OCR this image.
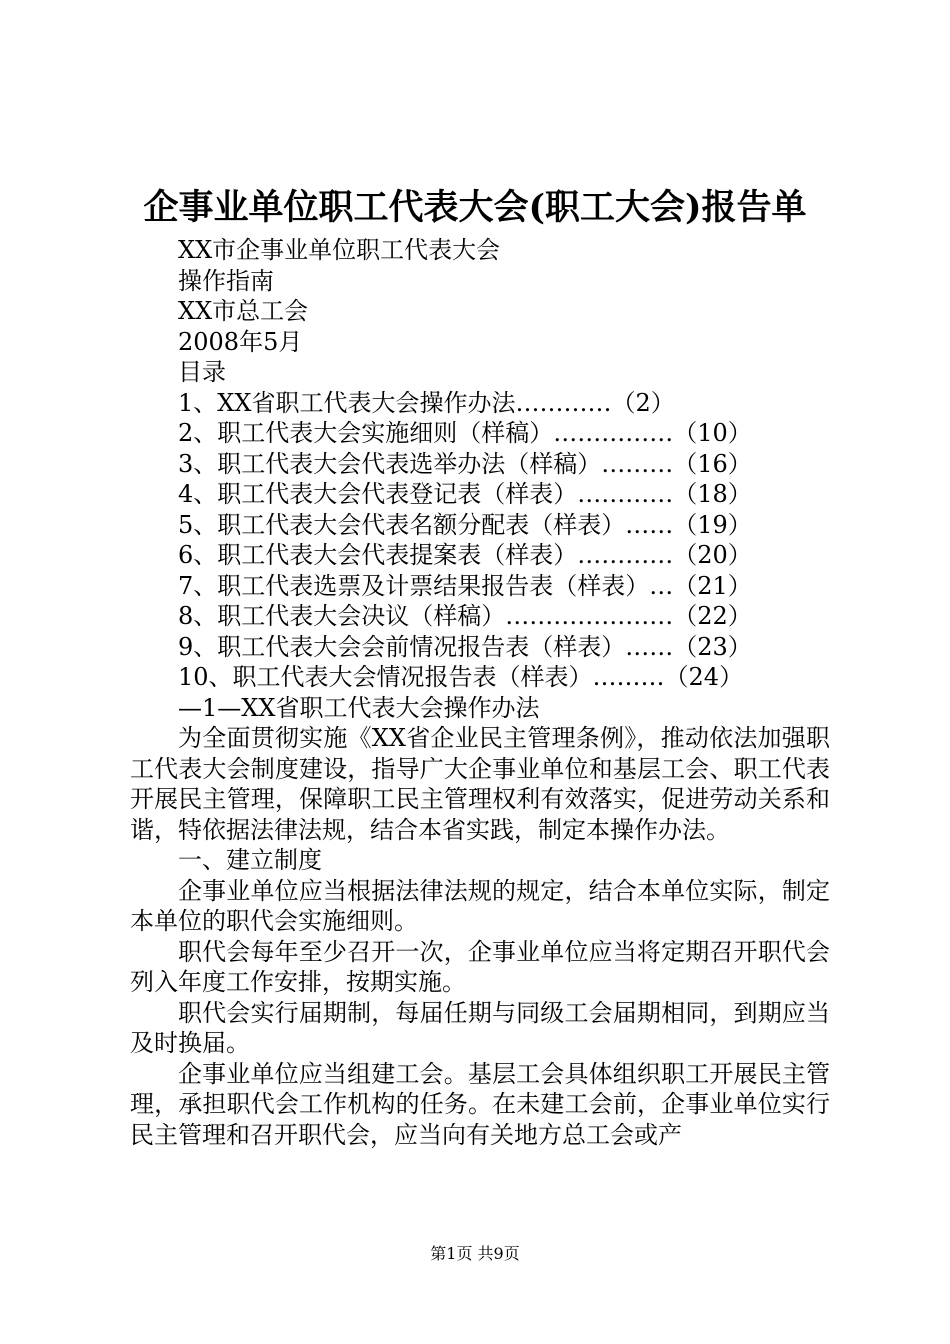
企事业单位职工代表大会(职工大会)报告单
XX市企事业单位职工代表大会
操作指南
XX市总工会
2008年5月
目录
1、XX省职工代表大会操作办法…………（2）
2、职工代表大会实施细则（样稿）……………（10）
3、职工代表大会代表选举办法（样稿）………（16）
4、职工代表大会代表登记表（样表）…………（18）
5、职工代表大会代表名额分配表（样表）……（19）
6、职工代表大会代表提案表（样表）…………（20）
7、职工代表选票及计票结果报告表（样表）…（21）
8、职工代表大会决议（样稿）…………………（22）
9、职工代表大会会前情况报告表（样表）……（23）
10、职工代表大会情况报告表（样表）………（24）
—1—XX省职工代表大会操作办法
为全面贯彻实施《XX省企业民主管理条例》，推动依法加强职工代表大会制度建设，指导广大企事业单位和基层工会、职工代表开展民主管理，保障职工民主管理权利有效落实，促进劳动关系和谐，特依据法律法规，结合本省实践，制定本操作办法。
一、建立制度
企事业单位应当根据法律法规的规定，结合本单位实际，制定本单位的职代会实施细则。
职代会每年至少召开一次，企事业单位应当将定期召开职代会列入年度工作安排，按期实施。
职代会实行届期制，每届任期与同级工会届期相同，到期应当及时换届。
企事业单位应当组建工会。基层工会具体组织职工开展民主管理，承担职代会工作机构的任务。在未建工会前，企事业单位实行民主管理和召开职代会，应当向有关地方总工会或产
第1页 共9页
